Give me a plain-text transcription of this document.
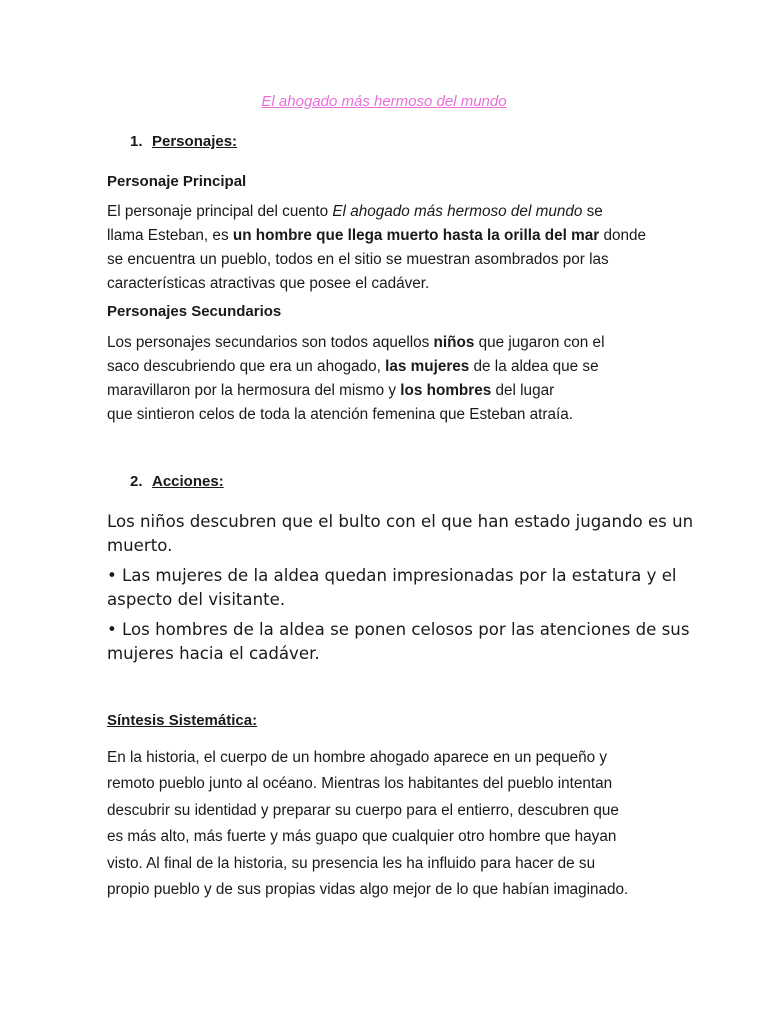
El ahogado más hermoso del mundo
1. Personajes:
Personaje Principal
El personaje principal del cuento El ahogado más hermoso del mundo se
llama Esteban, es un hombre que llega muerto hasta la orilla del mar donde
se encuentra un pueblo, todos en el sitio se muestran asombrados por las
características atractivas que posee el cadáver.
Personajes Secundarios
Los personajes secundarios son todos aquellos niños que jugaron con el
saco descubriendo que era un ahogado, las mujeres de la aldea que se
maravillaron por la hermosura del mismo y los hombres del lugar
que sintieron celos de toda la atención femenina que Esteban atraía.
2. Acciones:
Los niños descubren que el bulto con el que han estado jugando es un
muerto.
• Las mujeres de la aldea quedan impresionadas por la estatura y el
aspecto del visitante.
• Los hombres de la aldea se ponen celosos por las atenciones de sus
mujeres hacia el cadáver.
Síntesis Sistemática:
En la historia, el cuerpo de un hombre ahogado aparece en un pequeño y
remoto pueblo junto al océano. Mientras los habitantes del pueblo intentan
descubrir su identidad y preparar su cuerpo para el entierro, descubren que
es más alto, más fuerte y más guapo que cualquier otro hombre que hayan
visto. Al final de la historia, su presencia les ha influido para hacer de su
propio pueblo y de sus propias vidas algo mejor de lo que habían imaginado.
